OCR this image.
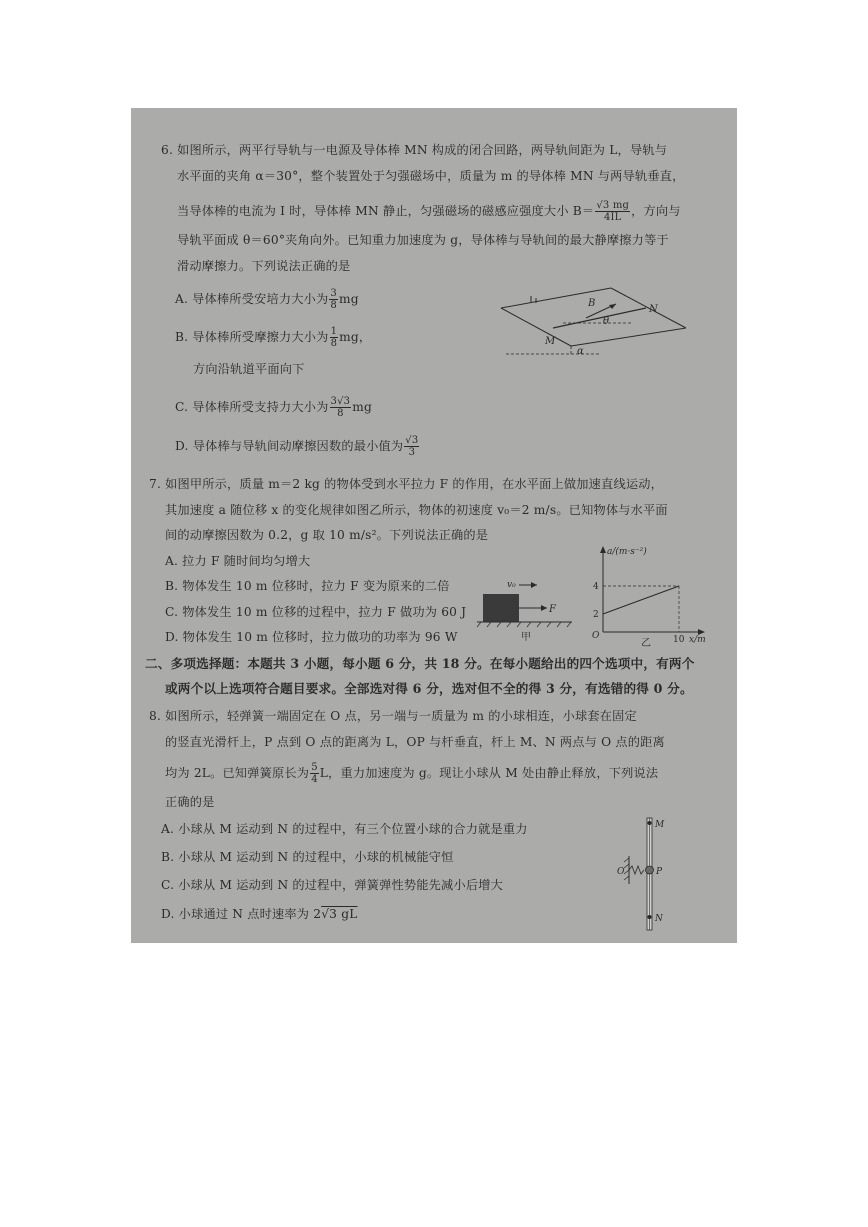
6. 如图所示，两平行导轨与一电源及导体棒 MN 构成的闭合回路，两导轨间距为 L，导轨与
水平面的夹角 α＝30°，整个装置处于匀强磁场中，质量为 m 的导体棒 MN 与两导轨垂直，
当导体棒的电流为 I 时，导体棒 MN 静止，匀强磁场的磁感应强度大小 $B= \frac{√3 mg}{4IL}$ ，方向与
导轨平面成 θ＝60°夹角向外。已知重力加速度为 g，导体棒与导轨间的最大静摩擦力等于
滑动摩擦力。下列说法正确的是
A. 导体棒所受安培力大小为 $\frac{3}{8}$ mg
B. 导体棒所受摩擦力大小为 $\frac{1}{8}$ mg，
方向沿轨道平面向下
C. 导体棒所受支持力大小为 $\frac{3√3}{8}$ mg
D. 导体棒与导轨间动摩擦因数的最小值为 $\frac{√3}{3}$
B
N
M
θ
α
7. 如图甲所示，质量 m＝2 kg 的物体受到水平拉力 F 的作用，在水平面上做加速直线运动，
其加速度 a 随位移 x 的变化规律如图乙所示，物体的初速度 v₀＝2 m/s。已知物体与水平面
间的动摩擦因数为 0.2，g 取 10 m/s²。下列说法正确的是
A. 拉力 F 随时间均匀增大
B. 物体发生 10 m 位移时，拉力 F 变为原来的二倍
C. 物体发生 10 m 位移的过程中，拉力 F 做功为 60 J
D. 物体发生 10 m 位移时，拉力做功的功率为 96 W
v₀
F
甲
a/(m·s⁻²)
4
2
O	10 x/m
乙
二、多项选择题：本题共 3 小题，每小题 6 分，共 18 分。在每小题给出的四个选项中，有两个
或两个以上选项符合题目要求。全部选对得 6 分，选对但不全的得 3 分，有选错的得 0 分。
8. 如图所示，轻弹簧一端固定在 O 点，另一端与一质量为 m 的小球相连，小球套在固定
的竖直光滑杆上，P 点到 O 点的距离为 L，OP 与杆垂直，杆上 M、N 两点与 O 点的距离
均为 2L。已知弹簧原长为 $\frac{5}{4}$ L，重力加速度为 g。现让小球从 M 处由静止释放，下列说法
正确的是
A. 小球从 M 运动到 N 的过程中，有三个位置小球的合力就是重力
B. 小球从 M 运动到 N 的过程中，小球的机械能守恒
C. 小球从 M 运动到 N 的过程中，弹簧弹性势能先减小后增大
D. 小球通过 N 点时速率为 2√3 gL
M
N
O	P
